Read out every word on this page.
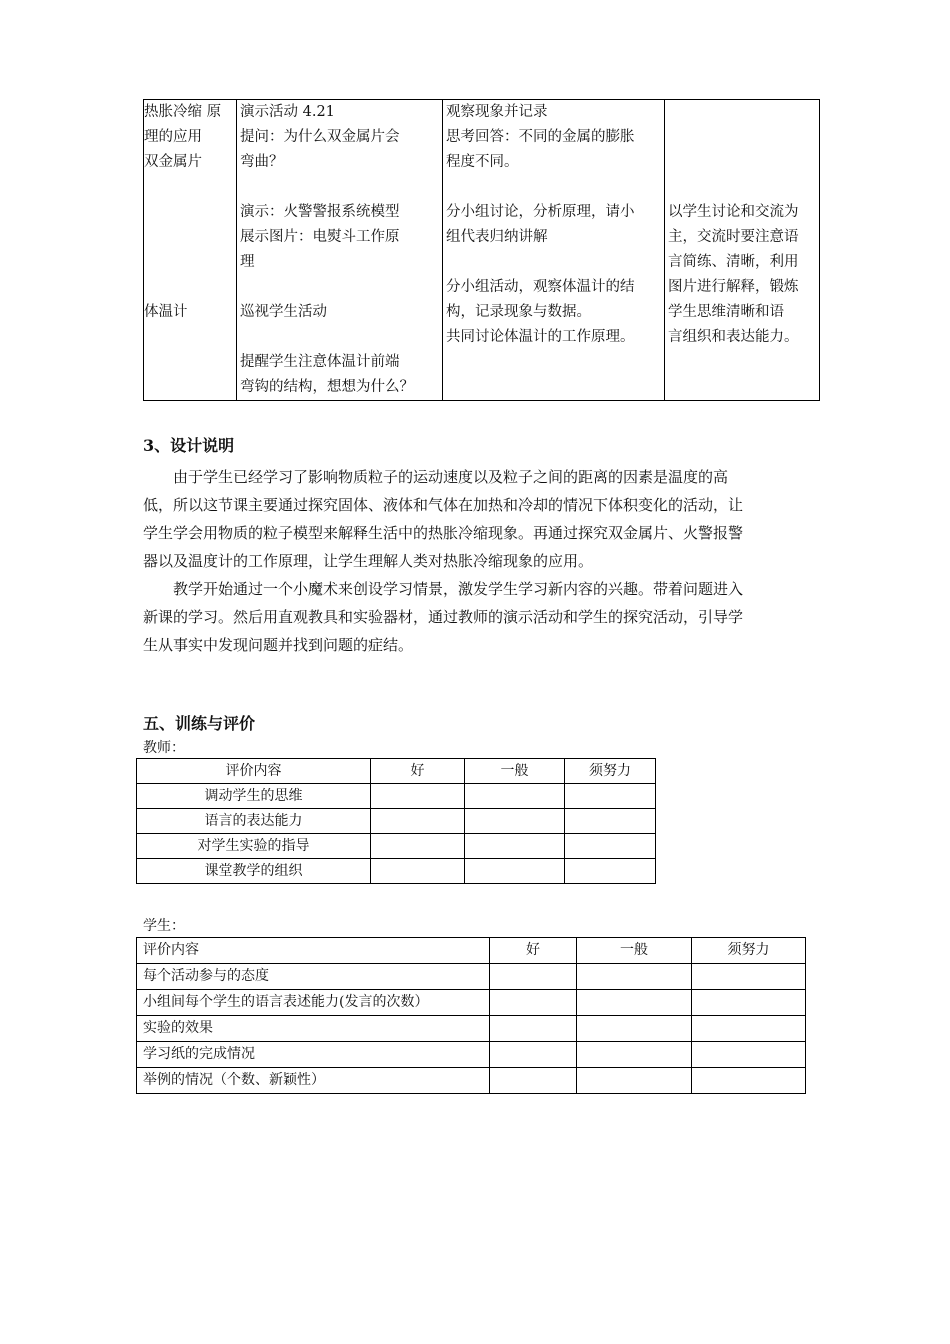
热胀冷缩 原
理的应用
双金属片
体温计

演示活动 4.21
提问：为什么双金属片会
弯曲？
演示：火警警报系统模型
展示图片：电熨斗工作原
理
巡视学生活动
提醒学生注意体温计前端
弯钩的结构，想想为什么？

观察现象并记录
思考回答：不同的金属的膨胀
程度不同。
分小组讨论，分析原理，请小
组代表归纳讲解
分小组活动，观察体温计的结
构，记录现象与数据。
共同讨论体温计的工作原理。

以学生讨论和交流为
主，交流时要注意语
言简练、清晰，利用
图片进行解释，锻炼
学生思维清晰和语
言组织和表达能力。
3、设计说明
　　由于学生已经学习了影响物质粒子的运动速度以及粒子之间的距离的因素是温度的高
低，所以这节课主要通过探究固体、液体和气体在加热和冷却的情况下体积变化的活动，让
学生学会用物质的粒子模型来解释生活中的热胀冷缩现象。再通过探究双金属片、火警报警
器以及温度计的工作原理，让学生理解人类对热胀冷缩现象的应用。
　　教学开始通过一个小魔术来创设学习情景，激发学生学习新内容的兴趣。带着问题进入
新课的学习。然后用直观教具和实验器材，通过教师的演示活动和学生的探究活动，引导学
生从事实中发现问题并找到问题的症结。
五、训练与评价
教师：
评价内容	好	一般	须努力
调动学生的思维			
语言的表达能力			
对学生实验的指导			
课堂教学的组织			
学生：
评价内容	好	一般	须努力
每个活动参与的态度			
小组间每个学生的语言表述能力(发言的次数）			
实验的效果			
学习纸的完成情况			
举例的情况（个数、新颖性）			
